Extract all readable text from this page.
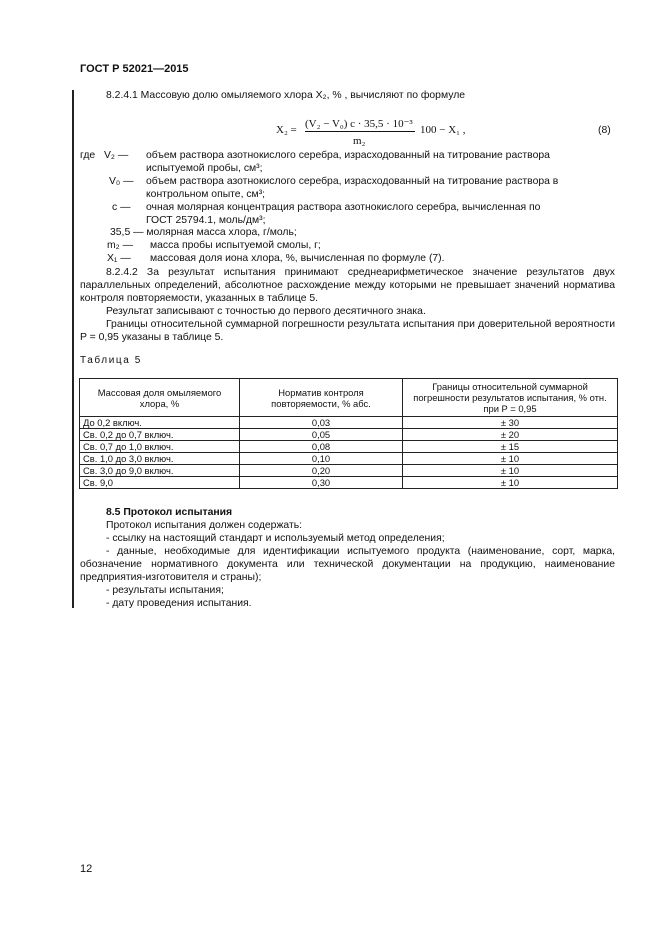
ГОСТ Р 52021—2015
8.2.4.1 Массовую долю омыляемого хлора X₂, % , вычисляют по формуле
X₂ = (V₂ − V₀) c · 35,5 · 10⁻³
m₂
100 − X₁ ,	(8)
где V₂ — объем раствора азотнокислого серебра, израсходованный на титрование раствора
испытуемой пробы, см³;
V₀ — объем раствора азотнокислого серебра, израсходованный на титрование раствора в
контрольном опыте, см³;
c — очная молярная концентрация раствора азотнокислого серебра, вычисленная по
ГОСТ 25794.1, моль/дм³;
35,5 — молярная масса хлора, г/моль;
m₂ — масса пробы испытуемой смолы, г;
X₁ — массовая доля иона хлора, %, вычисленная по формуле (7).
8.2.4.2 За результат испытания принимают среднеарифметическое значение результатов двух параллельных определений, абсолютное расхождение между которыми не превышает значений норматива контроля повторяемости, указанных в таблице 5.
Результат записывают с точностью до первого десятичного знака.
Границы относительной суммарной погрешности результата испытания при доверительной вероятности P = 0,95 указаны в таблице 5.
Таблица 5
Массовая доля омыляемого хлора, %	Норматив контроля повторяемости, % абс.	Границы относительной суммарной погрешности результатов испытания, % отн. при P = 0,95
До 0,2 включ.	0,03	± 30
Св. 0,2 до 0,7 включ.	0,05	± 20
Св. 0,7 до 1,0 включ.	0,08	± 15
Св. 1,0 до 3,0 включ.	0,10	± 10
Св. 3,0 до 9,0 включ.	0,20	± 10
Св. 9,0	0,30	± 10
8.5 Протокол испытания
Протокол испытания должен содержать:
- ссылку на настоящий стандарт и используемый метод определения;
- данные, необходимые для идентификации испытуемого продукта (наименование, сорт, марка, обозначение нормативного документа или технической документации на продукцию, наименование предприятия-изготовителя и страны);
- результаты испытания;
- дату проведения испытания.
12
